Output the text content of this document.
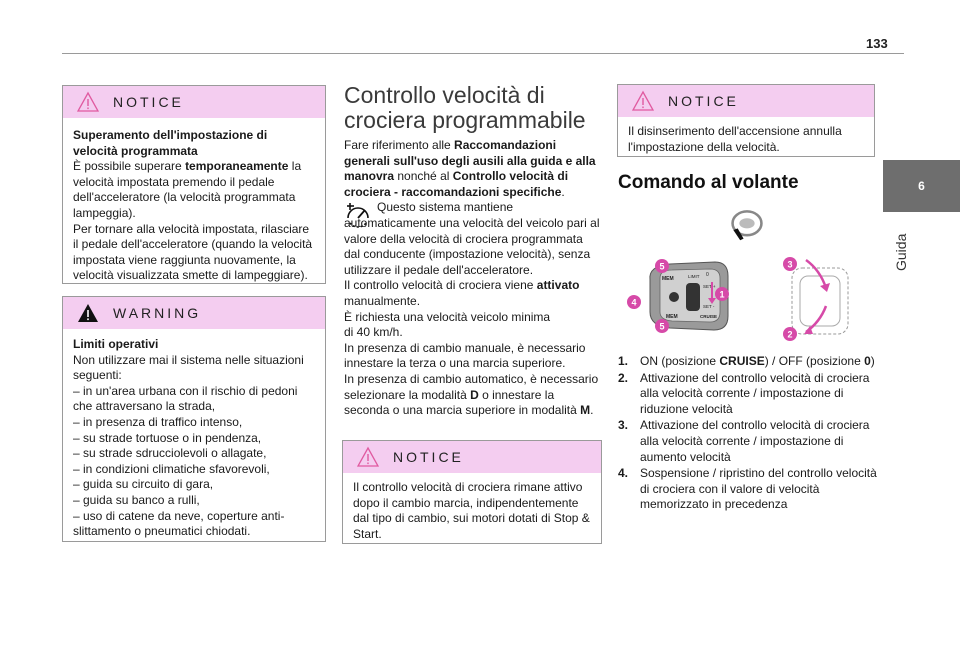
133
6
Guida
NOTICE

Superamento dell'impostazione di velocità programmata

È possibile superare temporaneamente la velocità impostata premendo il pedale dell'acceleratore (la velocità programmata lampeggia).

Per tornare alla velocità impostata, rilasciare il pedale dell'acceleratore (quando la velocità impostata viene raggiunta nuovamente, la velocità visualizzata smette di lampeggiare).

WARNING

Limiti operativi

Non utilizzare mai il sistema nelle situazioni seguenti:

– in un'area urbana con il rischio di pedoni che attraversano la strada,
– in presenza di traffico intenso,
– su strade tortuose o in pendenza,
– su strade sdrucciolevoli o allagate,
– in condizioni climatiche sfavorevoli,
– guida su circuito di gara,
– guida su banco a rulli,
– uso di catene da neve, coperture anti-slittamento o pneumatici chiodati.
Controllo velocità di crociera programmabile

Fare riferimento alle Raccomandazioni generali sull'uso degli ausili alla guida e alla manovra nonché al Controllo velocità di crociera - raccomandazioni specifiche.

Questo sistema mantiene automaticamente una velocità del veicolo pari al valore della velocità di crociera programmata dal conducente (impostazione velocità), senza utilizzare il pedale dell'acceleratore.

Il controllo velocità di crociera viene attivato manualmente.

È richiesta una velocità veicolo minima di 40 km/h.

In presenza di cambio manuale, è necessario innestare la terza o una marcia superiore.

In presenza di cambio automatico, è necessario selezionare la modalità D o innestare la seconda o una marcia superiore in modalità M.

NOTICE

Il controllo velocità di crociera rimane attivo dopo il cambio marcia, indipendentemente dal tipo di cambio, sui motori dotati di Stop & Start.

NOTICE

Il disinserimento dell'accensione annulla l'impostazione della velocità.

Comando al volante
MEM	LIMIT
SET +
SET -
CRUISE
MEM
0
1
5
4
5
3
2
1. ON (posizione CRUISE) / OFF (posizione 0)
2. Attivazione del controllo velocità di crociera alla velocità corrente / impostazione di riduzione velocità
3. Attivazione del controllo velocità di crociera alla velocità corrente / impostazione di aumento velocità
4. Sospensione / ripristino del controllo velocità di crociera con il valore di velocità memorizzato in precedenza
